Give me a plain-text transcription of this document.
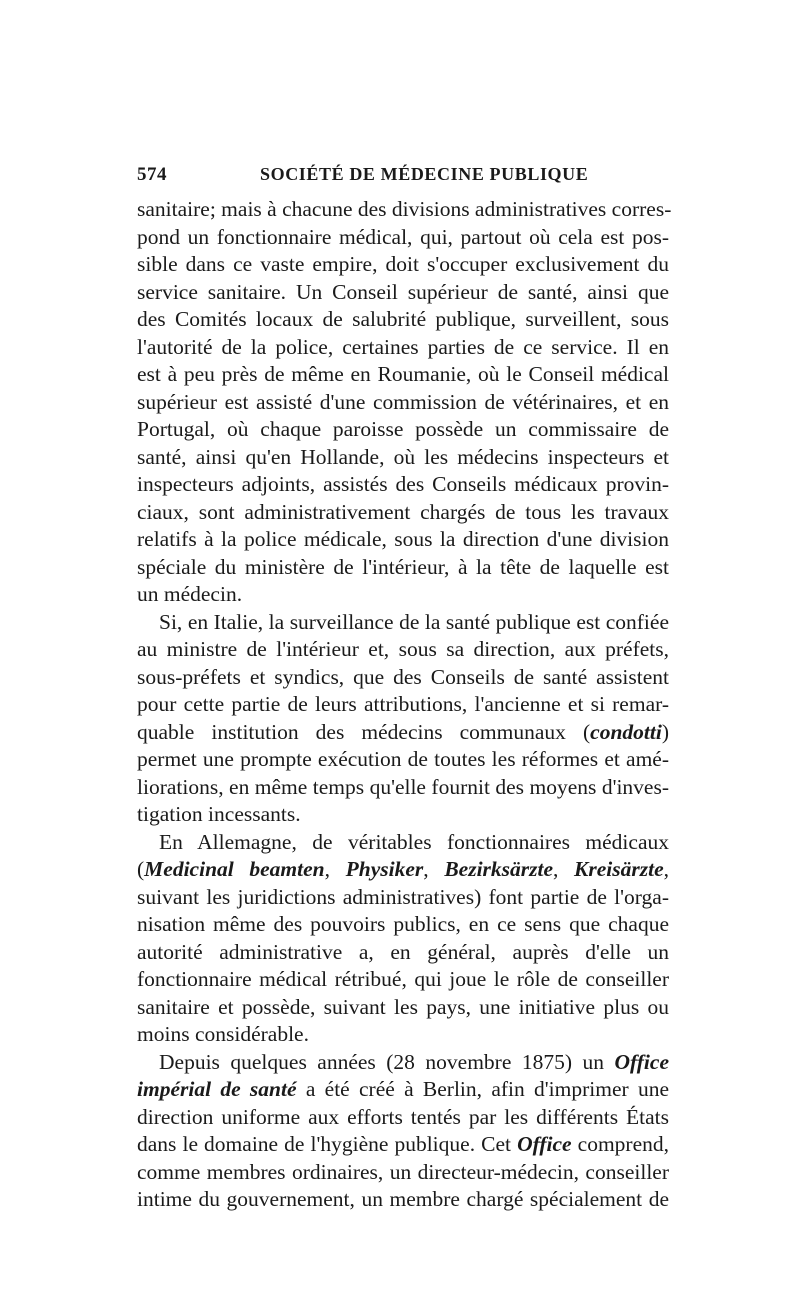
574	SOCIÉTÉ DE MÉDECINE PUBLIQUE
sanitaire; mais à chacune des divisions administratives corres-
pond un fonctionnaire médical, qui, partout où cela est pos-
sible dans ce vaste empire, doit s'occuper exclusivement du
service sanitaire. Un Conseil supérieur de santé, ainsi que
des Comités locaux de salubrité publique, surveillent, sous
l'autorité de la police, certaines parties de ce service. Il en
est à peu près de même en Roumanie, où le Conseil médical
supérieur est assisté d'une commission de vétérinaires, et en
Portugal, où chaque paroisse possède un commissaire de
santé, ainsi qu'en Hollande, où les médecins inspecteurs et
inspecteurs adjoints, assistés des Conseils médicaux provin-
ciaux, sont administrativement chargés de tous les travaux
relatifs à la police médicale, sous la direction d'une division
spéciale du ministère de l'intérieur, à la tête de laquelle est
un médecin.
Si, en Italie, la surveillance de la santé publique est confiée
au ministre de l'intérieur et, sous sa direction, aux préfets,
sous-préfets et syndics, que des Conseils de santé assistent
pour cette partie de leurs attributions, l'ancienne et si remar-
quable institution des médecins communaux (condotti)
permet une prompte exécution de toutes les réformes et amé-
liorations, en même temps qu'elle fournit des moyens d'inves-
tigation incessants.
En Allemagne, de véritables fonctionnaires médicaux
(Medicinal beamten, Physiker, Bezirksärzte, Kreisärzte,
suivant les juridictions administratives) font partie de l'orga-
nisation même des pouvoirs publics, en ce sens que chaque
autorité administrative a, en général, auprès d'elle un
fonctionnaire médical rétribué, qui joue le rôle de conseiller
sanitaire et possède, suivant les pays, une initiative plus ou
moins considérable.
Depuis quelques années (28 novembre 1875) un Office
impérial de santé a été créé à Berlin, afin d'imprimer une
direction uniforme aux efforts tentés par les différents États
dans le domaine de l'hygiène publique. Cet Office comprend,
comme membres ordinaires, un directeur-médecin, conseiller
intime du gouvernement, un membre chargé spécialement de
